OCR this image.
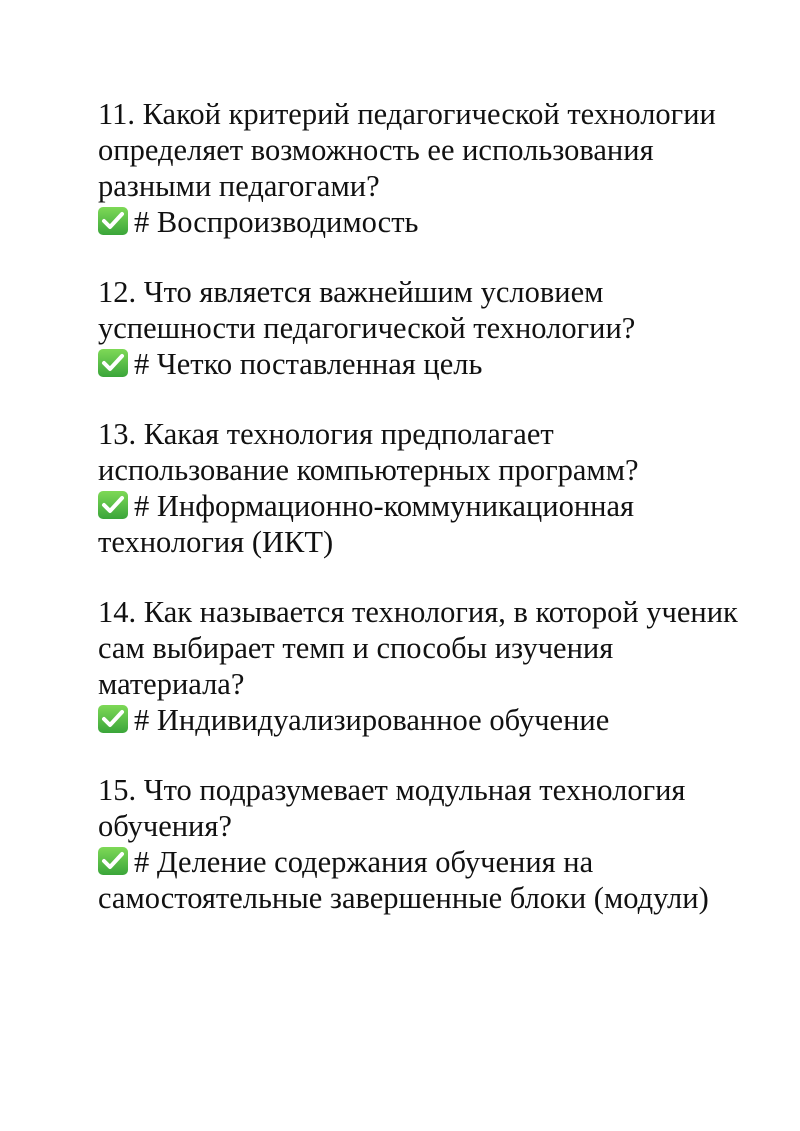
11. Какой критерий педагогической технологии определяет возможность ее использования разными педагогами?

# Воспроизводимость

12. Что является важнейшим условием успешности педагогической технологии?

# Четко поставленная цель

13. Какая технология предполагает использование компьютерных программ?

# Информационно-коммуникационная технология (ИКТ)

14. Как называется технология, в которой ученик сам выбирает темп и способы изучения материала?

# Индивидуализированное обучение

15. Что подразумевает модульная технология обучения?

# Деление содержания обучения на самостоятельные завершенные блоки (модули)
